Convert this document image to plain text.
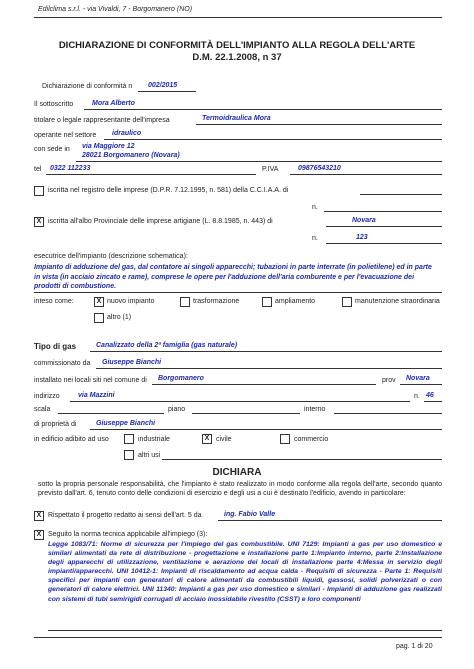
Edilclima s.r.l. - via Vivaldi, 7 - Borgomanero (NO)
DICHIARAZIONE DI CONFORMITÀ DELL'IMPIANTO ALLA REGOLA DELL'ARTE
D.M. 22.1.2008, n 37
Dichiarazione di conformità n 002/2015
Il sottoscritto	Mora Alberto
titolare o legale rappresentante dell'impresa	Termoidraulica Mora
operante nel settore idraulico
con sede in via Maggiore 12
28021 Borgomanero (Novara)
tel 0322 112233	P.IVA	09876543210
iscritta nel registro delle imprese (D.P.R. 7.12.1995, n. 581) della C.C.I.A.A. di
n.
X iscritta all'albo Provinciale delle imprese artigiane (L. 8.8.1985, n. 443) di	Novara
n.	123
esecutrice dell'impianto (descrizione schematica):
Impianto di adduzione del gas, dal contatore ai singoli apparecchi; tubazioni in parte interrate (in polietilene) ed in parte in vista (in acciaio zincato e rame), comprese le opere per l'adduzione dell'aria comburente e per l'evacuazione dei prodotti di combustione.
inteso come:	X nuovo impianto	trasformazione	ampliamento	manutenzione straordinaria
altro (1)
Tipo di gas	Canalizzato della 2ª famiglia (gas naturale)
commissionato da Giuseppe Bianchi
installato nei locali siti nel comune di Borgomanero	prov Novara
indirizzo	via Mazzini	n. 46
scala	piano	interno
di proprietà di	Giuseppe Bianchi
in edificio adibito ad uso	industriale	X civile	commercio
altri usi
DICHIARA
sotto la propria personale responsabilità, che l'impianto è stato realizzato in modo conforme alla regola dell'arte, secondo quanto previsto dall'art. 6, tenuto conto delle condizioni di esercizio e degli usi a cui è destinato l'edificio, avendo in particolare:
X Rispettato il progetto redatto ai sensi dell'art. 5 da	ing. Fabio Valle
X Seguito la norma tecnica applicabile all'impiego (3):
Legge 1083/71: Norme di sicurezza per l'impiego del gas combustibile. UNI 7129: Impianti a gas per uso domestico e similari alimentati da rete di distribuzione - progettazione e installazione parte 1:Impianto interno, parte 2:Installazione degli apparecchi di utilizzazione, ventilazione e aerazione dei locali di installazione parte 4:Messa in servizio degli impianti/apparecchi. UNI 10412-1: Impianti di riscaldamento ad acqua calda - Requisiti di sicurezza - Parte 1: Requisiti specifici per impianti con generatori di calore alimentati da combustibili liquidi, gassosi, solidi polverizzati o con generatori di calore elettrici. UNI 11340: Impianti a gas per uso domestico e similari - Impianti di adduzione gas realizzati con sistemi di tubi semirigidi corrugati di acciaio inossidabile rivestito (CSST) e loro componenti
pag. 1 di 20
